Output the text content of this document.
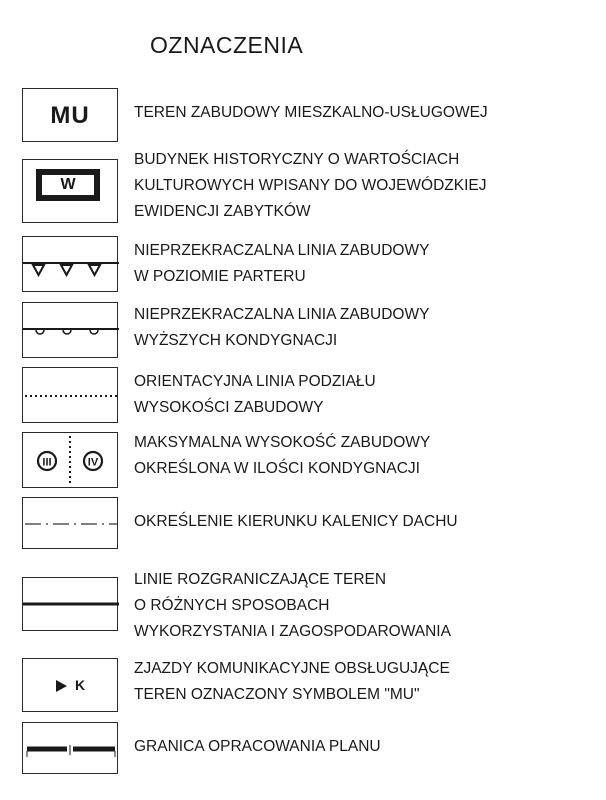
OZNACZENIA
MU	TEREN ZABUDOWY MIESZKALNO-USŁUGOWEJ
W
BUDYNEK HISTORYCZNY O WARTOŚCIACH
KULTUROWYCH WPISANY DO WOJEWÓDZKIEJ
EWIDENCJI ZABYTKÓW
NIEPRZEKRACZALNA LINIA ZABUDOWY
W POZIOMIE PARTERU
NIEPRZEKRACZALNA LINIA ZABUDOWY
WYŻSZYCH KONDYGNACJI
ORIENTACYJNA LINIA PODZIAŁU
WYSOKOŚCI ZABUDOWY
III	IV
MAKSYMALNA WYSOKOŚĆ ZABUDOWY
OKREŚLONA W ILOŚCI KONDYGNACJI
OKREŚLENIE KIERUNKU KALENICY DACHU
LINIE ROZGRANICZAJĄCE TEREN
O RÓŻNYCH SPOSOBACH
WYKORZYSTANIA I ZAGOSPODAROWANIA
K
ZJAZDY KOMUNIKACYJNE OBSŁUGUJĄCE
TEREN OZNACZONY SYMBOLEM "MU"
GRANICA OPRACOWANIA PLANU
